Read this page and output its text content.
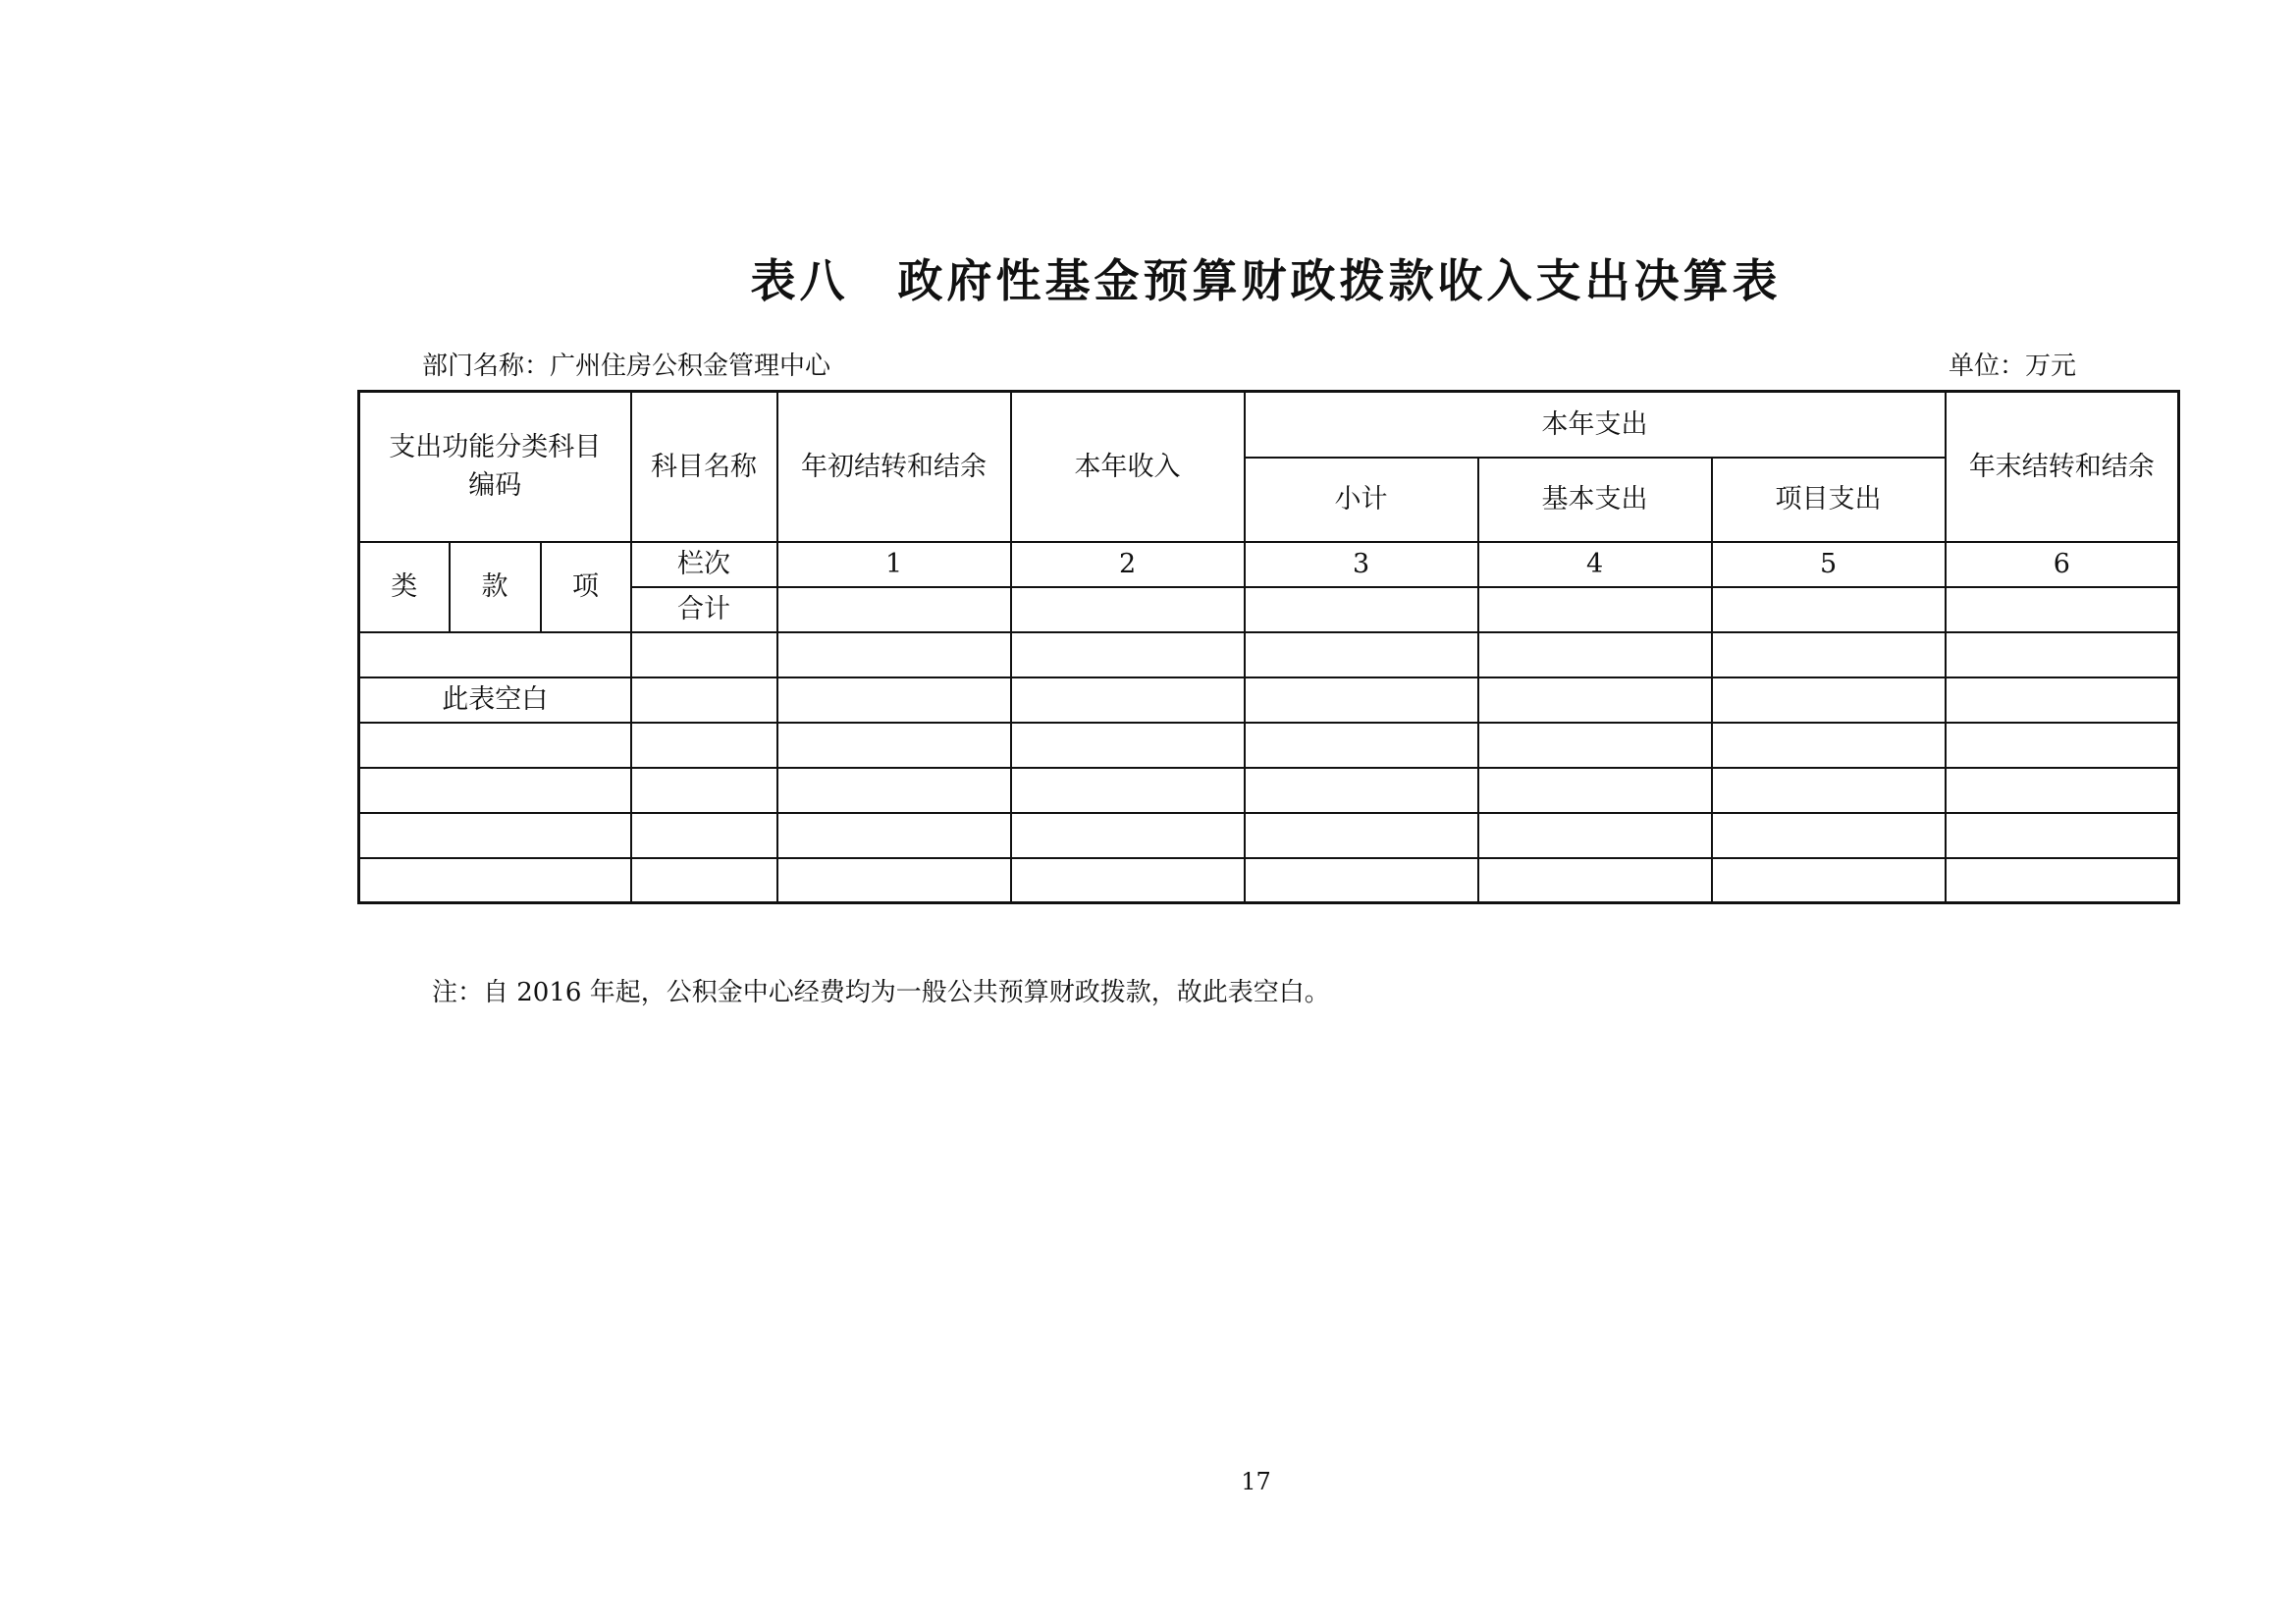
表八 政府性基金预算财政拨款收入支出决算表
部门名称：广州住房公积金管理中心	单位：万元
支出功能分类科目编码			科目名称	年初结转和结余	本年收入	本年支出			年末结转和结余
						小计	基本支出	项目支出	
类	款	项	栏次	1	2	3	4	5	6
			合计						

此表空白									

注：自 2016 年起，公积金中心经费均为一般公共预算财政拨款，故此表空白。
17
